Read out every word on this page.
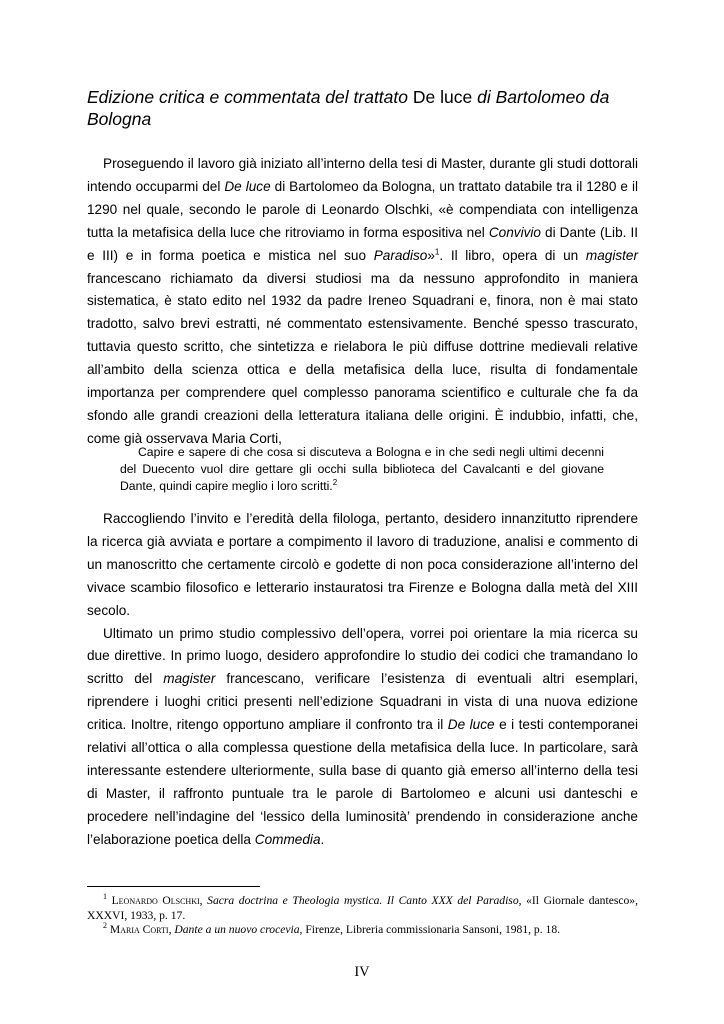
Edizione critica e commentata del trattato De luce di Bartolomeo da Bologna

Proseguendo il lavoro già iniziato all’interno della tesi di Master, durante gli studi dottorali intendo occuparmi del De luce di Bartolomeo da Bologna, un trattato databile tra il 1280 e il 1290 nel quale, secondo le parole di Leonardo Olschki, «è compendiata con intelligenza tutta la metafisica della luce che ritroviamo in forma espositiva nel Convivio di Dante (Lib. II e III) e in forma poetica e mistica nel suo Paradiso»$^1$. Il libro, opera di un magister francescano richiamato da diversi studiosi ma da nessuno approfondito in maniera sistematica, è stato edito nel 1932 da padre Ireneo Squadrani e, finora, non è mai stato tradotto, salvo brevi estratti, né commentato estensivamente. Benché spesso trascurato, tuttavia questo scritto, che sintetizza e rielabora le più diffuse dottrine medievali relative all’ambito della scienza ottica e della metafisica della luce, risulta di fondamentale importanza per comprendere quel complesso panorama scientifico e culturale che fa da sfondo alle grandi creazioni della letteratura italiana delle origini. È indubbio, infatti, che, come già osservava Maria Corti,

Capire e sapere di che cosa si discuteva a Bologna e in che sedi negli ultimi decenni del Duecento vuol dire gettare gli occhi sulla biblioteca del Cavalcanti e del giovane Dante, quindi capire meglio i loro scritti.$^2$

Raccogliendo l’invito e l’eredità della filologa, pertanto, desidero innanzitutto riprendere la ricerca già avviata e portare a compimento il lavoro di traduzione, analisi e commento di un manoscritto che certamente circolò e godette di non poca considerazione all’interno del vivace scambio filosofico e letterario instauratosi tra Firenze e Bologna dalla metà del XIII secolo.

Ultimato un primo studio complessivo dell’opera, vorrei poi orientare la mia ricerca su due direttive. In primo luogo, desidero approfondire lo studio dei codici che tramandano lo scritto del magister francescano, verificare l’esistenza di eventuali altri esemplari, riprendere i luoghi critici presenti nell’edizione Squadrani in vista di una nuova edizione critica. Inoltre, ritengo opportuno ampliare il confronto tra il De luce e i testi contemporanei relativi all’ottica o alla complessa questione della metafisica della luce. In particolare, sarà interessante estendere ulteriormente, sulla base di quanto già emerso all’interno della tesi di Master, il raffronto puntuale tra le parole di Bartolomeo e alcuni usi danteschi e procedere nell’indagine del ‘lessico della luminosità’ prendendo in considerazione anche l’elaborazione poetica della Commedia.

$^1$ Leonardo Olschki, Sacra doctrina e Theologia mystica. Il Canto XXX del Paradiso, «Il Giornale dantesco», XXXVI, 1933, p. 17.

$^2$ Maria Corti, Dante a un nuovo crocevia, Firenze, Libreria commissionaria Sansoni, 1981, p. 18.

IV
